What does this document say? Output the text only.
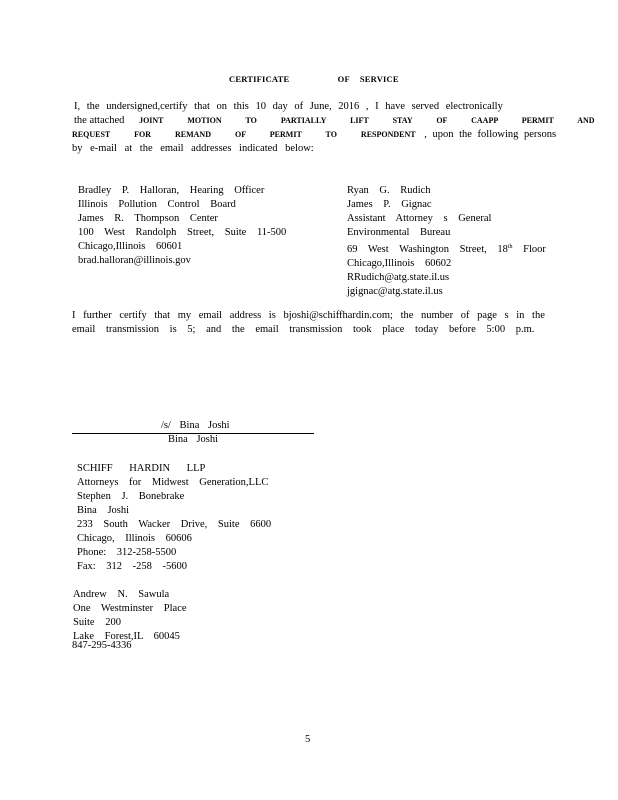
CERTIFICATE	OF SERVICE
I, the undersigned,certify that on this 10 day of June, 2016 , I have served electronically
the attached JOINT MOTION TO PARTIALLY LIFT STAY OF CAAPP PERMIT AND
REQUEST FOR REMAND OF PERMIT TO RESPONDENT , upon the following persons
by e-mail at the email addresses indicated below:
Bradley P. Halloran, Hearing Officer
Illinois Pollution Control Board
James R. Thompson Center
100 West Randolph Street, Suite 11-500
Chicago,Illinois 60601
brad.halloran@illinois.gov
Ryan G. Rudich
James P. Gignac
Assistant Attorney s General
Environmental Bureau
69 West Washington Street, 18th Floor
Chicago,Illinois 60602
RRudich@atg.state.il.us
jgignac@atg.state.il.us
I further certify that my email address is bjoshi@schiffhardin.com; the number of page s in the
email transmission is 5; and the email transmission took place today before 5:00 p.m.
/s/ Bina Joshi
Bina Joshi
SCHIFF HARDIN LLP
Attorneys for Midwest Generation,LLC
Stephen J. Bonebrake
Bina Joshi
233 South Wacker Drive, Suite 6600
Chicago, Illinois 60606
Phone: 312-258-5500
Fax: 312 -258 -5600
Andrew N. Sawula
One Westminster Place
Suite 200
Lake Forest,IL 60045
847-295-4336
5
